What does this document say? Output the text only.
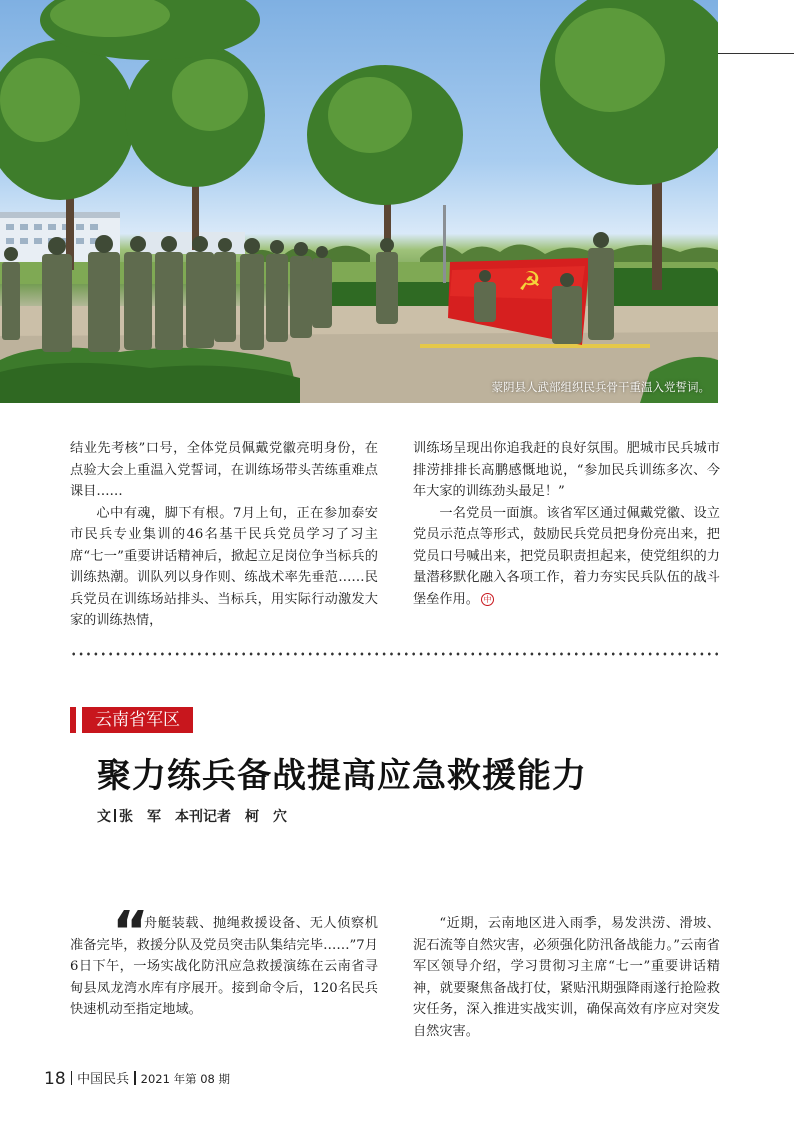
☭
蒙阴县人武部组织民兵骨干重温入党誓词。

结业先考核”口号，全体党员佩戴党徽亮明身份，在点验大会上重温入党誓词，在训练场带头苦练重难点课目……

心中有魂，脚下有根。7月上旬，正在参加泰安市民兵专业集训的46名基干民兵党员学习了习主席“七一”重要讲话精神后，掀起立足岗位争当标兵的训练热潮。训队列以身作则、练战术率先垂范……民兵党员在训练场站排头、当标兵，用实际行动激发大家的训练热情，

训练场呈现出你追我赶的良好氛围。肥城市民兵城市排涝排排长高鹏感慨地说，“参加民兵训练多次、今年大家的训练劲头最足！”

一名党员一面旗。该省军区通过佩戴党徽、设立党员示范点等形式，鼓励民兵党员把身份亮出来，把党员口号喊出来，把党员职责担起来，使党组织的力量潜移默化融入各项工作，着力夯实民兵队伍的战斗堡垒作用。 中

云南省军区
聚力练兵备战提高应急救援能力
文 张　军　本刊记者　柯　穴
“

舟艇装载、抛绳救援设备、无人侦察机准备完毕，救援分队及党员突击队集结完毕……”7月6日下午，一场实战化防汛应急救援演练在云南省寻甸县凤龙湾水库有序展开。接到命令后，120名民兵快速机动至指定地域。

“近期，云南地区进入雨季，易发洪涝、滑坡、泥石流等自然灾害，必须强化防汛备战能力。”云南省军区领导介绍，学习贯彻习主席“七一”重要讲话精神，就要聚焦备战打仗，紧贴汛期强降雨遂行抢险救灾任务，深入推进实战实训，确保高效有序应对突发自然灾害。

18 中国民兵 2021 年第 08 期
